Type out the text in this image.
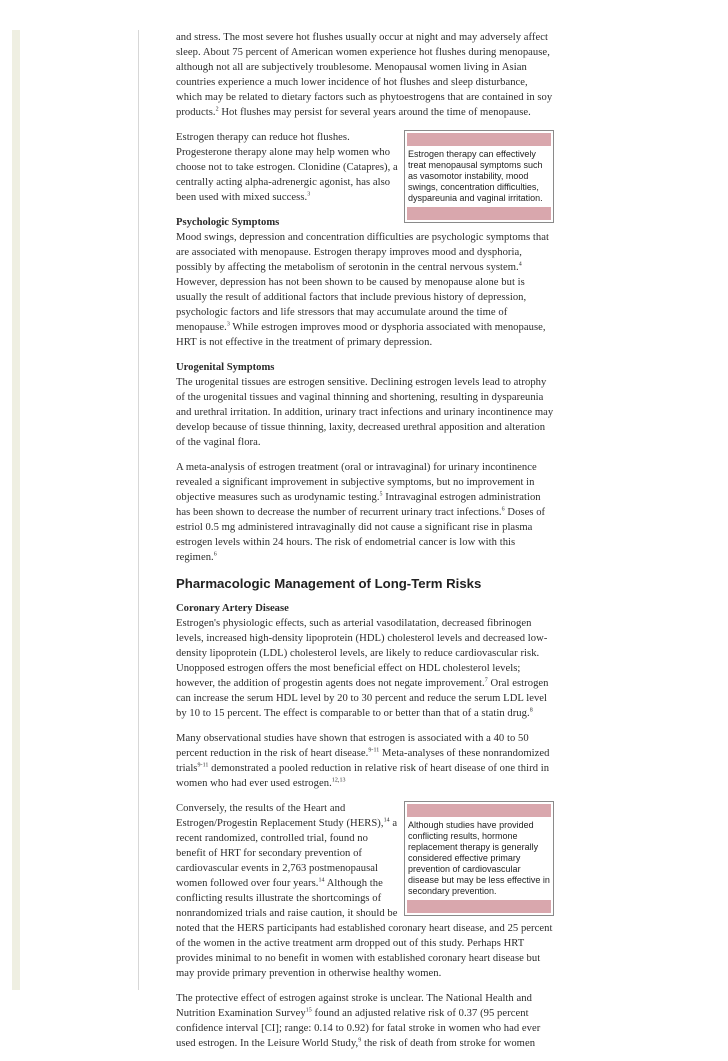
and stress. The most severe hot flushes usually occur at night and may adversely affect sleep. About 75 percent of American women experience hot flushes during menopause, although not all are subjectively troublesome. Menopausal women living in Asian countries experience a much lower incidence of hot flushes and sleep disturbance, which may be related to dietary factors such as phytoestrogens that are contained in soy products.$^2$ Hot flushes may persist for several years around the time of menopause.

Estrogen therapy can effectively treat menopausal symptoms such as vasomotor instability, mood swings, concentration difficulties, dyspareunia and vaginal irritation.

Estrogen therapy can reduce hot flushes. Progesterone therapy alone may help women who choose not to take estrogen. Clonidine (Catapres), a centrally acting alpha-adrenergic agonist, has also been used with mixed success.$^3$

Psychologic Symptoms

Mood swings, depression and concentration difficulties are psychologic symptoms that are associated with menopause. Estrogen therapy improves mood and dysphoria, possibly by affecting the metabolism of serotonin in the central nervous system.$^4$ However, depression has not been shown to be caused by menopause alone but is usually the result of additional factors that include previous history of depression, psychologic factors and life stressors that may accumulate around the time of menopause.$^3$ While estrogen improves mood or dysphoria associated with menopause, HRT is not effective in the treatment of primary depression.

Urogenital Symptoms

The urogenital tissues are estrogen sensitive. Declining estrogen levels lead to atrophy of the urogenital tissues and vaginal thinning and shortening, resulting in dyspareunia and urethral irritation. In addition, urinary tract infections and urinary incontinence may develop because of tissue thinning, laxity, decreased urethral apposition and alteration of the vaginal flora.

A meta-analysis of estrogen treatment (oral or intravaginal) for urinary incontinence revealed a significant improvement in subjective symptoms, but no improvement in objective measures such as urodynamic testing.$^5$ Intravaginal estrogen administration has been shown to decrease the number of recurrent urinary tract infections.$^6$ Doses of estriol 0.5 mg administered intravaginally did not cause a significant rise in plasma estrogen levels within 24 hours. The risk of endometrial cancer is low with this regimen.$^6$

Pharmacologic Management of Long-Term Risks
Coronary Artery Disease

Estrogen's physiologic effects, such as arterial vasodilatation, decreased fibrinogen levels, increased high-density lipoprotein (HDL) cholesterol levels and decreased low-density lipoprotein (LDL) cholesterol levels, are likely to reduce cardiovascular risk. Unopposed estrogen offers the most beneficial effect on HDL cholesterol levels; however, the addition of progestin agents does not negate improvement.$^7$ Oral estrogen can increase the serum HDL level by 20 to 30 percent and reduce the serum LDL level by 10 to 15 percent. The effect is comparable to or better than that of a statin drug.$^8$

Many observational studies have shown that estrogen is associated with a 40 to 50 percent reduction in the risk of heart disease.$^{9-11}$ Meta-analyses of these nonrandomized trials$^{9-11}$ demonstrated a pooled reduction in relative risk of heart disease of one third in women who had ever used estrogen.$^{12,13}$

Although studies have provided conflicting results, hormone replacement therapy is generally considered effective primary prevention of cardiovascular disease but may be less effective in secondary prevention.

Conversely, the results of the Heart and Estrogen/Progestin Replacement Study (HERS),$^{14}$ a recent randomized, controlled trial, found no benefit of HRT for secondary prevention of cardiovascular events in 2,763 postmenopausal women followed over four years.$^{14}$ Although the conflicting results illustrate the shortcomings of nonrandomized trials and raise caution, it should be noted that the HERS participants had established coronary heart disease, and 25 percent of the women in the active treatment arm dropped out of this study. Perhaps HRT provides minimal to no benefit in women with established coronary heart disease but may provide primary prevention in otherwise healthy women.

The protective effect of estrogen against stroke is unclear. The National Health and Nutrition Examination Survey$^{15}$ found an adjusted relative risk of 0.37 (95 percent confidence interval [CI]; range: 0.14 to 0.92) for fatal stroke in women who had ever used estrogen. In the Leisure World Study,$^9$ the risk of death from stroke for women
